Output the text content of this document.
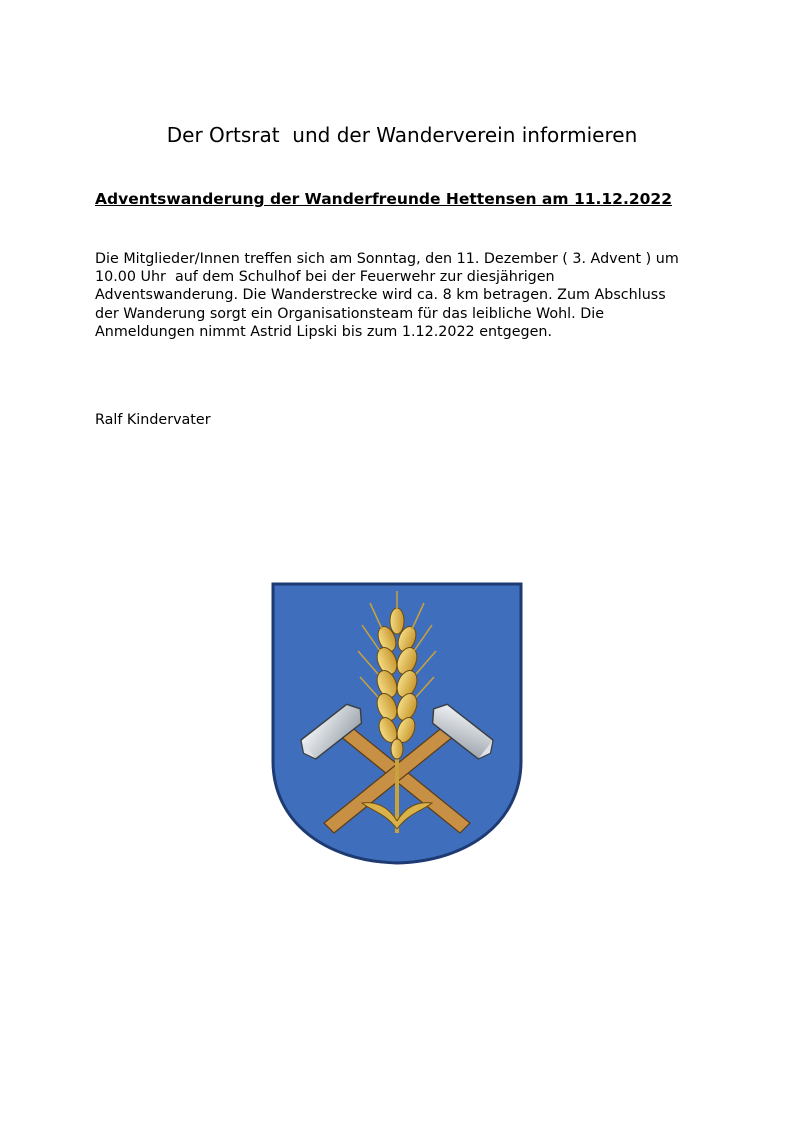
Der Ortsrat  und der Wanderverein informieren
Adventswanderung der Wanderfreunde Hettensen am 11.12.2022
Die Mitglieder/Innen treffen sich am Sonntag, den 11. Dezember ( 3. Advent ) um
10.00 Uhr  auf dem Schulhof bei der Feuerwehr zur diesjährigen
Adventswanderung. Die Wanderstrecke wird ca. 8 km betragen. Zum Abschluss
der Wanderung sorgt ein Organisationsteam für das leibliche Wohl. Die
Anmeldungen nimmt Astrid Lipski bis zum 1.12.2022 entgegen.
Ralf Kindervater
